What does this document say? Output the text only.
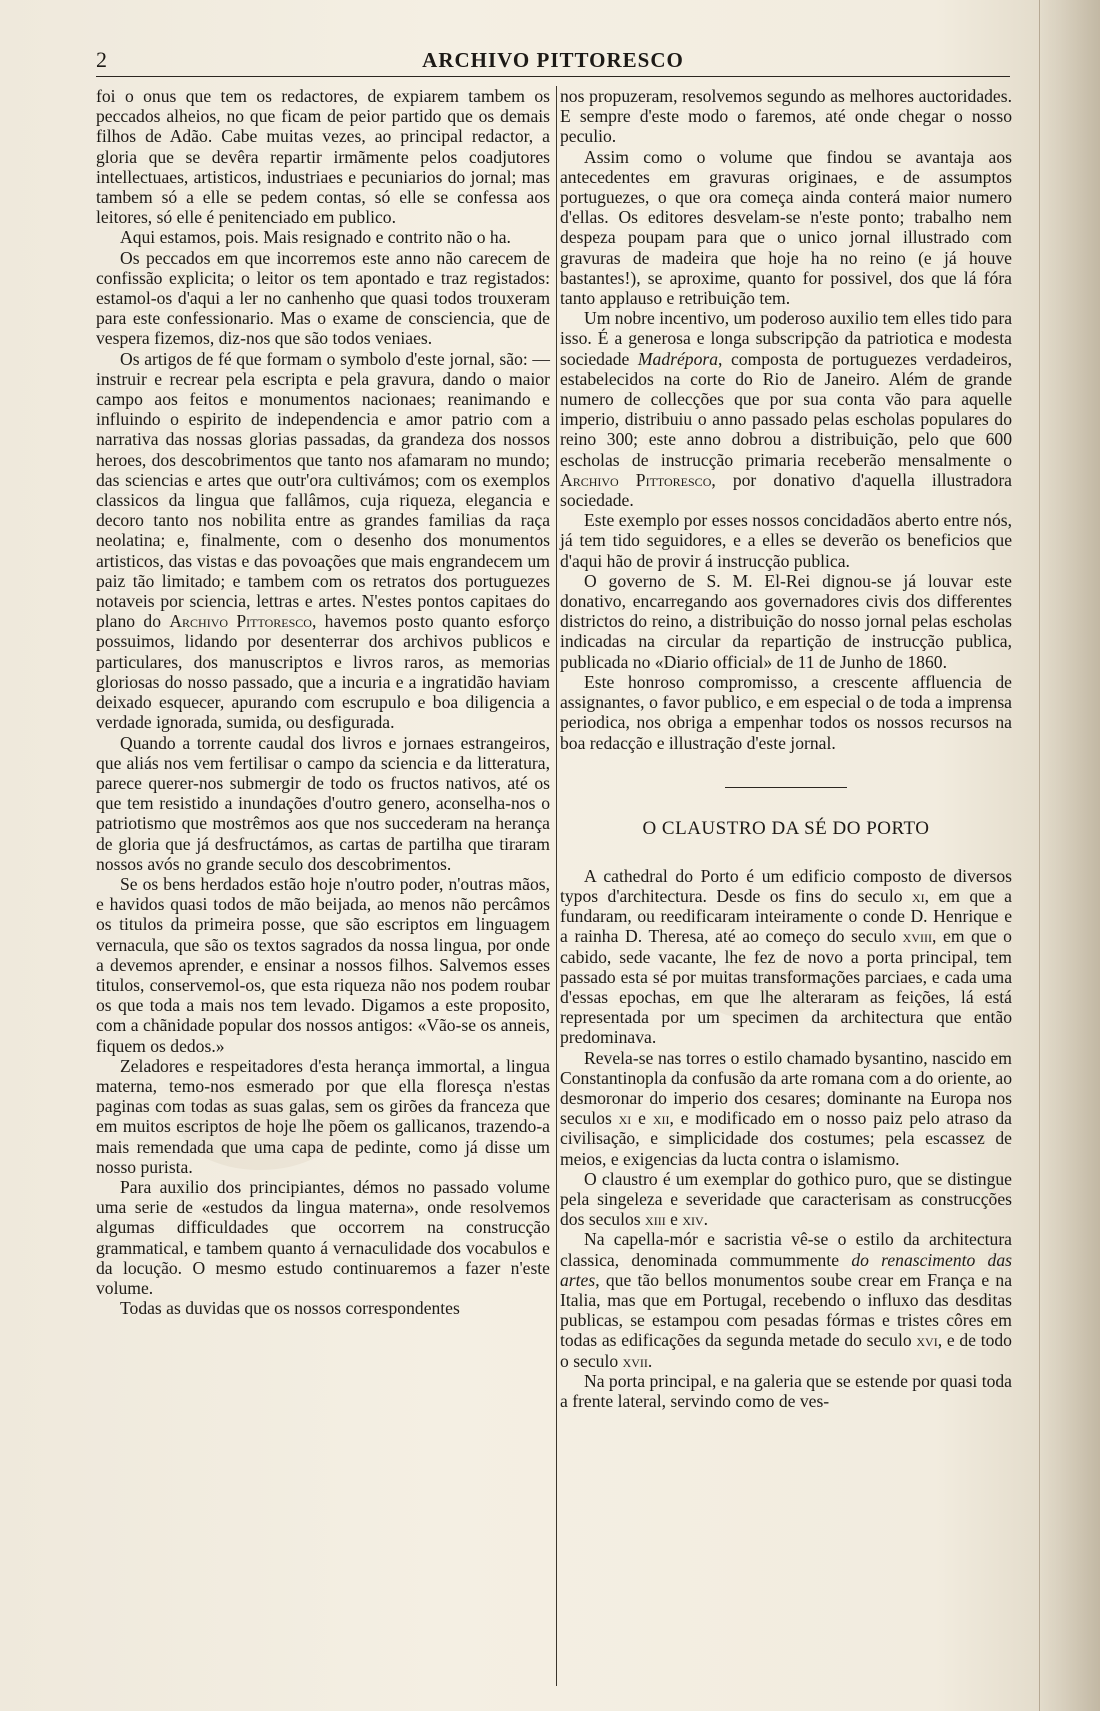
2	ARCHIVO PITTORESCO

foi o onus que tem os redactores, de expiarem tambem os peccados alheios, no que ficam de peior partido que os demais filhos de Adão. Cabe muitas vezes, ao principal redactor, a gloria que se devêra repartir irmãmente pelos coadjutores intellectuaes, artisticos, industriaes e pecuniarios do jornal; mas tambem só a elle se pedem contas, só elle se confessa aos leitores, só elle é penitenciado em publico.

Aqui estamos, pois. Mais resignado e contrito não o ha.

Os peccados em que incorremos este anno não carecem de confissão explicita; o leitor os tem apontado e traz registados: estamol-os d'aqui a ler no canhenho que quasi todos trouxeram para este confessionario. Mas o exame de consciencia, que de vespera fizemos, diz-nos que são todos veniaes.

Os artigos de fé que formam o symbolo d'este jornal, são: — instruir e recrear pela escripta e pela gravura, dando o maior campo aos feitos e monumentos nacionaes; reanimando e influindo o espirito de independencia e amor patrio com a narrativa das nossas glorias passadas, da grandeza dos nossos heroes, dos descobrimentos que tanto nos afamaram no mundo; das sciencias e artes que outr'ora cultivámos; com os exemplos classicos da lingua que fallâmos, cuja riqueza, elegancia e decoro tanto nos nobilita entre as grandes familias da raça neolatina; e, finalmente, com o desenho dos monumentos artisticos, das vistas e das povoações que mais engrandecem um paiz tão limitado; e tambem com os retratos dos portuguezes notaveis por sciencia, lettras e artes. N'estes pontos capitaes do plano do Archivo Pittoresco, havemos posto quanto esforço possuimos, lidando por desenterrar dos archivos publicos e particulares, dos manuscriptos e livros raros, as memorias gloriosas do nosso passado, que a incuria e a ingratidão haviam deixado esquecer, apurando com escrupulo e boa diligencia a verdade ignorada, sumida, ou desfigurada.

Quando a torrente caudal dos livros e jornaes estrangeiros, que aliás nos vem fertilisar o campo da sciencia e da litteratura, parece querer-nos submergir de todo os fructos nativos, até os que tem resistido a inundações d'outro genero, aconselha-nos o patriotismo que mostrêmos aos que nos succederam na herança de gloria que já desfructámos, as cartas de partilha que tiraram nossos avós no grande seculo dos descobrimentos.

Se os bens herdados estão hoje n'outro poder, n'outras mãos, e havidos quasi todos de mão beijada, ao menos não percâmos os titulos da primeira posse, que são escriptos em linguagem vernacula, que são os textos sagrados da nossa lingua, por onde a devemos aprender, e ensinar a nossos filhos. Salvemos esses titulos, conservemol-os, que esta riqueza não nos podem roubar os que toda a mais nos tem levado. Digamos a este proposito, com a chãnidade popular dos nossos antigos: «Vão-se os anneis, fiquem os dedos.»

Zeladores e respeitadores d'esta herança immortal, a lingua materna, temo-nos esmerado por que ella floresça n'estas paginas com todas as suas galas, sem os girões da franceza que em muitos escriptos de hoje lhe põem os gallicanos, trazendo-a mais remendada que uma capa de pedinte, como já disse um nosso purista.

Para auxilio dos principiantes, démos no passado volume uma serie de «estudos da lingua materna», onde resolvemos algumas difficuldades que occorrem na construcção grammatical, e tambem quanto á vernaculidade dos vocabulos e da locução. O mesmo estudo continuaremos a fazer n'este volume.

Todas as duvidas que os nossos correspondentes

nos propuzeram, resolvemos segundo as melhores auctoridades. E sempre d'este modo o faremos, até onde chegar o nosso peculio.

Assim como o volume que findou se avantaja aos antecedentes em gravuras originaes, e de assumptos portuguezes, o que ora começa ainda conterá maior numero d'ellas. Os editores desvelam-se n'este ponto; trabalho nem despeza poupam para que o unico jornal illustrado com gravuras de madeira que hoje ha no reino (e já houve bastantes!), se aproxime, quanto for possivel, dos que lá fóra tanto applauso e retribuição tem.

Um nobre incentivo, um poderoso auxilio tem elles tido para isso. É a generosa e longa subscripção da patriotica e modesta sociedade Madrépora, composta de portuguezes verdadeiros, estabelecidos na corte do Rio de Janeiro. Além de grande numero de collecções que por sua conta vão para aquelle imperio, distribuiu o anno passado pelas escholas populares do reino 300; este anno dobrou a distribuição, pelo que 600 escholas de instrucção primaria receberão mensalmente o Archivo Pittoresco, por donativo d'aquella illustradora sociedade.

Este exemplo por esses nossos concidadãos aberto entre nós, já tem tido seguidores, e a elles se deverão os beneficios que d'aqui hão de provir á instrucção publica.

O governo de S. M. El-Rei dignou-se já louvar este donativo, encarregando aos governadores civis dos differentes districtos do reino, a distribuição do nosso jornal pelas escholas indicadas na circular da repartição de instrucção publica, publicada no «Diario official» de 11 de Junho de 1860.

Este honroso compromisso, a crescente affluencia de assignantes, o favor publico, e em especial o de toda a imprensa periodica, nos obriga a empenhar todos os nossos recursos na boa redacção e illustração d'este jornal.

O CLAUSTRO DA SÉ DO PORTO

A cathedral do Porto é um edificio composto de diversos typos d'architectura. Desde os fins do seculo xi, em que a fundaram, ou reedificaram inteiramente o conde D. Henrique e a rainha D. Theresa, até ao começo do seculo xviii, em que o cabido, sede vacante, lhe fez de novo a porta principal, tem passado esta sé por muitas transformações parciaes, e cada uma d'essas epochas, em que lhe alteraram as feições, lá está representada por um specimen da architectura que então predominava.

Revela-se nas torres o estilo chamado bysantino, nascido em Constantinopla da confusão da arte romana com a do oriente, ao desmoronar do imperio dos cesares; dominante na Europa nos seculos xi e xii, e modificado em o nosso paiz pelo atraso da civilisação, e simplicidade dos costumes; pela escassez de meios, e exigencias da lucta contra o islamismo.

O claustro é um exemplar do gothico puro, que se distingue pela singeleza e severidade que caracterisam as construcções dos seculos xiii e xiv.

Na capella-mór e sacristia vê-se o estilo da architectura classica, denominada commummente do renascimento das artes, que tão bellos monumentos soube crear em França e na Italia, mas que em Portugal, recebendo o influxo das desditas publicas, se estampou com pesadas fórmas e tristes côres em todas as edificações da segunda metade do seculo xvi, e de todo o seculo xvii.

Na porta principal, e na galeria que se estende por quasi toda a frente lateral, servindo como de ves-
